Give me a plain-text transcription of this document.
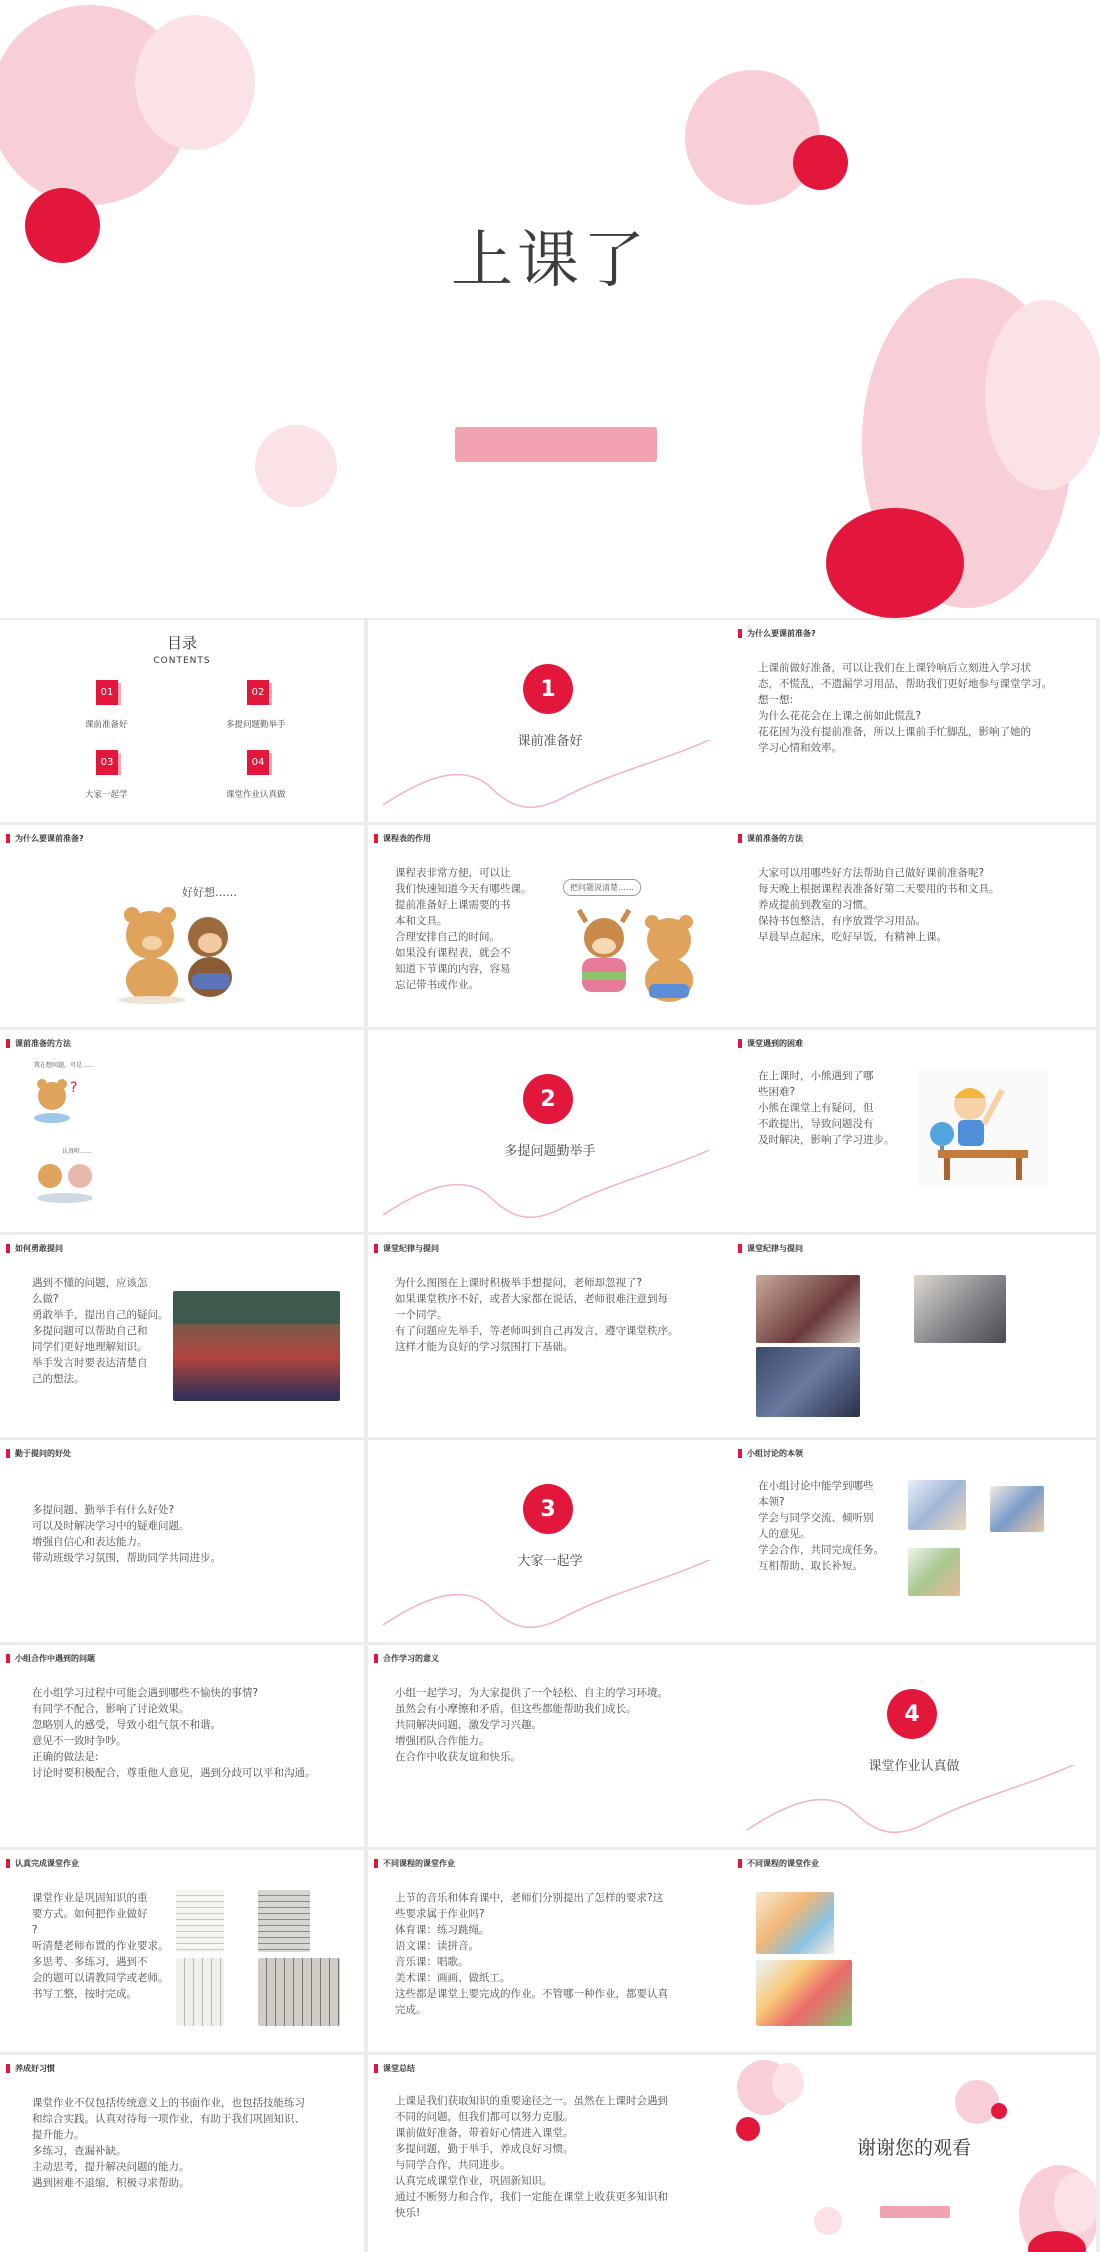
上课了
目录
CONTENTS
01
课前准备好
02
多提问题勤举手
03
大家一起学
04
课堂作业认真做
1
课前准备好
为什么要课前准备?
上课前做好准备，可以让我们在上课铃响后立刻进入学习状
态，不慌乱，不遗漏学习用品，帮助我们更好地参与课堂学习。
想一想:
为什么花花会在上课之前如此慌乱?
花花因为没有提前准备，所以上课前手忙脚乱，影响了她的
学习心情和效率。
为什么要课前准备?
好好想……
课程表的作用
课程表非常方便，可以让
我们快速知道今天有哪些课。
提前准备好上课需要的书
本和文具。
合理安排自己的时间。
如果没有课程表，就会不
知道下节课的内容，容易
忘记带书或作业。
把问题说清楚……
课前准备的方法
大家可以用哪些好方法帮助自己做好课前准备呢?
每天晚上根据课程表准备好第二天要用的书和文具。
养成提前到教室的习惯。
保持书包整洁，有序放置学习用品。
早晨早点起床，吃好早饭，有精神上课。
课前准备的方法
我在想问题，可是……
?
认真听……
2
多提问题勤举手
课堂遇到的困难
在上课时，小熊遇到了哪
些困难?
小熊在课堂上有疑问，但
不敢提出，导致问题没有
及时解决，影响了学习进步。
如何勇敢提问
遇到不懂的问题，应该怎
么做?
勇敢举手，提出自己的疑问。
多提问题可以帮助自己和
同学们更好地理解知识。
举手发言时要表达清楚自
己的想法。
课堂纪律与提问
为什么图图在上课时积极举手想提问，老师却忽视了?
如果课堂秩序不好，或者大家都在说话，老师很难注意到每
一个同学。
有了问题应先举手，等老师叫到自己再发言，遵守课堂秩序。
这样才能为良好的学习氛围打下基础。
课堂纪律与提问
勤于提问的好处
多提问题、勤举手有什么好处?
可以及时解决学习中的疑难问题。
增强自信心和表达能力。
带动班级学习氛围，帮助同学共同进步。
3
大家一起学
小组讨论的本领
在小组讨论中能学到哪些
本领?
学会与同学交流、倾听别
人的意见。
学会合作，共同完成任务。
互相帮助、取长补短。
小组合作中遇到的问题
在小组学习过程中可能会遇到哪些不愉快的事情?
有同学不配合，影响了讨论效果。
忽略别人的感受，导致小组气氛不和谐。
意见不一致时争吵。
正确的做法是:
讨论时要积极配合，尊重他人意见，遇到分歧可以平和沟通。
合作学习的意义
小组一起学习，为大家提供了一个轻松、自主的学习环境。
虽然会有小摩擦和矛盾，但这些都能帮助我们成长。
共同解决问题，激发学习兴趣。
增强团队合作能力。
在合作中收获友谊和快乐。
4
课堂作业认真做
认真完成课堂作业
课堂作业是巩固知识的重
要方式。如何把作业做好
?
听清楚老师布置的作业要求。
多思考、多练习，遇到不
会的题可以请教同学或老师。
书写工整，按时完成。
不同课程的课堂作业
上节的音乐和体育课中，老师们分别提出了怎样的要求?这
些要求属于作业吗?
体育课：练习跳绳。
语文课：读拼音。
音乐课：唱歌。
美术课：画画、做纸工。
这些都是课堂上要完成的作业。不管哪一种作业，都要认真
完成。
不同课程的课堂作业
养成好习惯
课堂作业不仅包括传统意义上的书面作业，也包括技能练习
和综合实践。认真对待每一项作业，有助于我们巩固知识、
提升能力。
多练习，查漏补缺。
主动思考，提升解决问题的能力。
遇到困难不退缩，积极寻求帮助。
课堂总结
上课是我们获取知识的重要途径之一。虽然在上课时会遇到
不同的问题，但我们都可以努力克服。
课前做好准备，带着好心情进入课堂。
多提问题，勤于举手，养成良好习惯。
与同学合作，共同进步。
认真完成课堂作业，巩固新知识。
通过不断努力和合作，我们一定能在课堂上收获更多知识和
快乐!
谢谢您的观看
